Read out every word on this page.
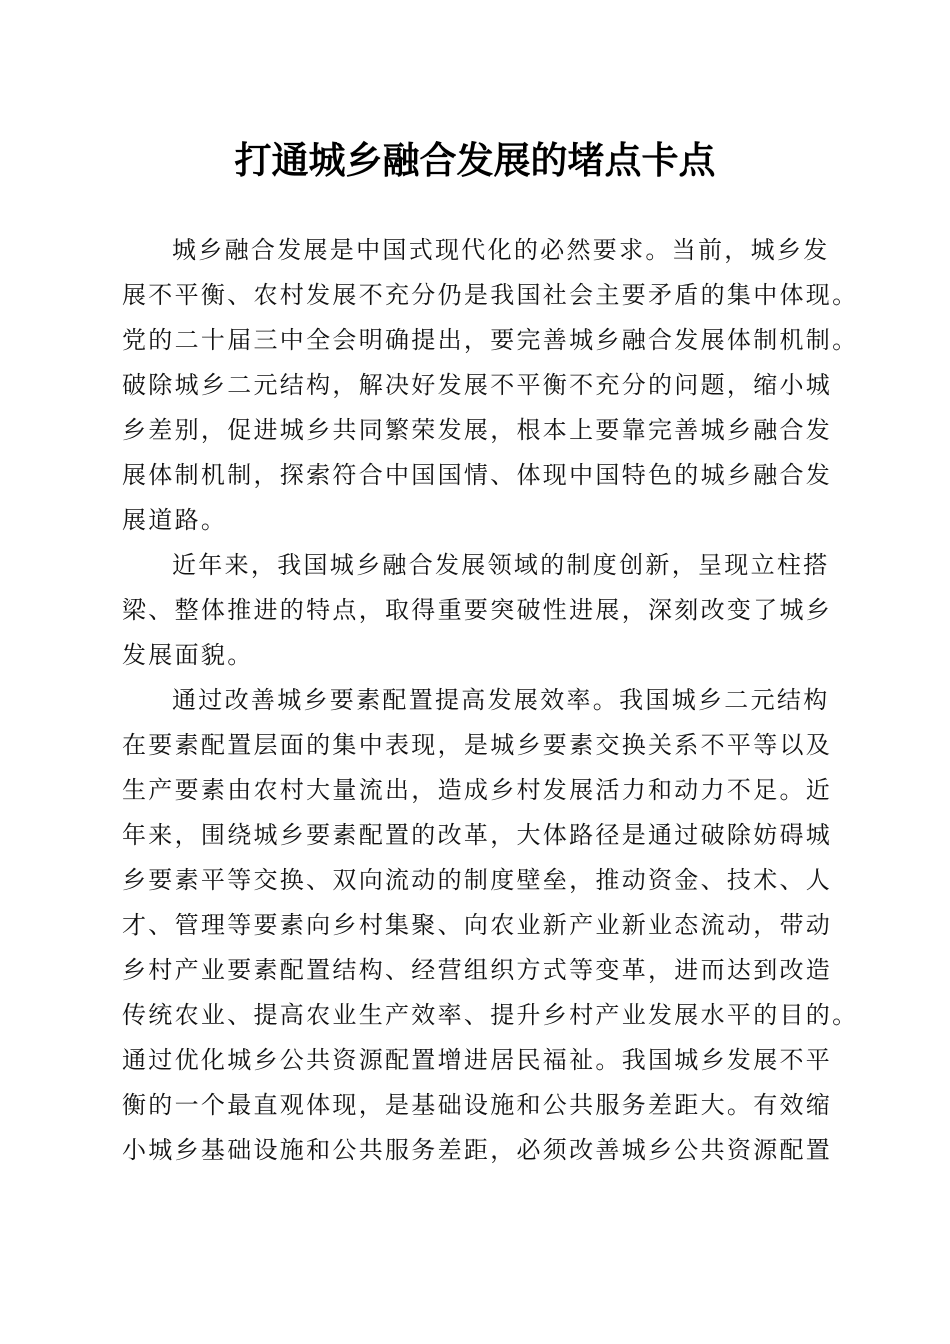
打通城乡融合发展的堵点卡点
城乡融合发展是中国式现代化的必然要求。当前，城乡发
展不平衡、农村发展不充分仍是我国社会主要矛盾的集中体现。
党的二十届三中全会明确提出，要完善城乡融合发展体制机制。
破除城乡二元结构，解决好发展不平衡不充分的问题，缩小城
乡差别，促进城乡共同繁荣发展，根本上要靠完善城乡融合发
展体制机制，探索符合中国国情、体现中国特色的城乡融合发
展道路。
近年来，我国城乡融合发展领域的制度创新，呈现立柱搭
梁、整体推进的特点，取得重要突破性进展，深刻改变了城乡
发展面貌。
通过改善城乡要素配置提高发展效率。我国城乡二元结构
在要素配置层面的集中表现，是城乡要素交换关系不平等以及
生产要素由农村大量流出，造成乡村发展活力和动力不足。近
年来，围绕城乡要素配置的改革，大体路径是通过破除妨碍城
乡要素平等交换、双向流动的制度壁垒，推动资金、技术、人
才、管理等要素向乡村集聚、向农业新产业新业态流动，带动
乡村产业要素配置结构、经营组织方式等变革，进而达到改造
传统农业、提高农业生产效率、提升乡村产业发展水平的目的。
通过优化城乡公共资源配置增进居民福祉。我国城乡发展不平
衡的一个最直观体现，是基础设施和公共服务差距大。有效缩
小城乡基础设施和公共服务差距，必须改善城乡公共资源配置
